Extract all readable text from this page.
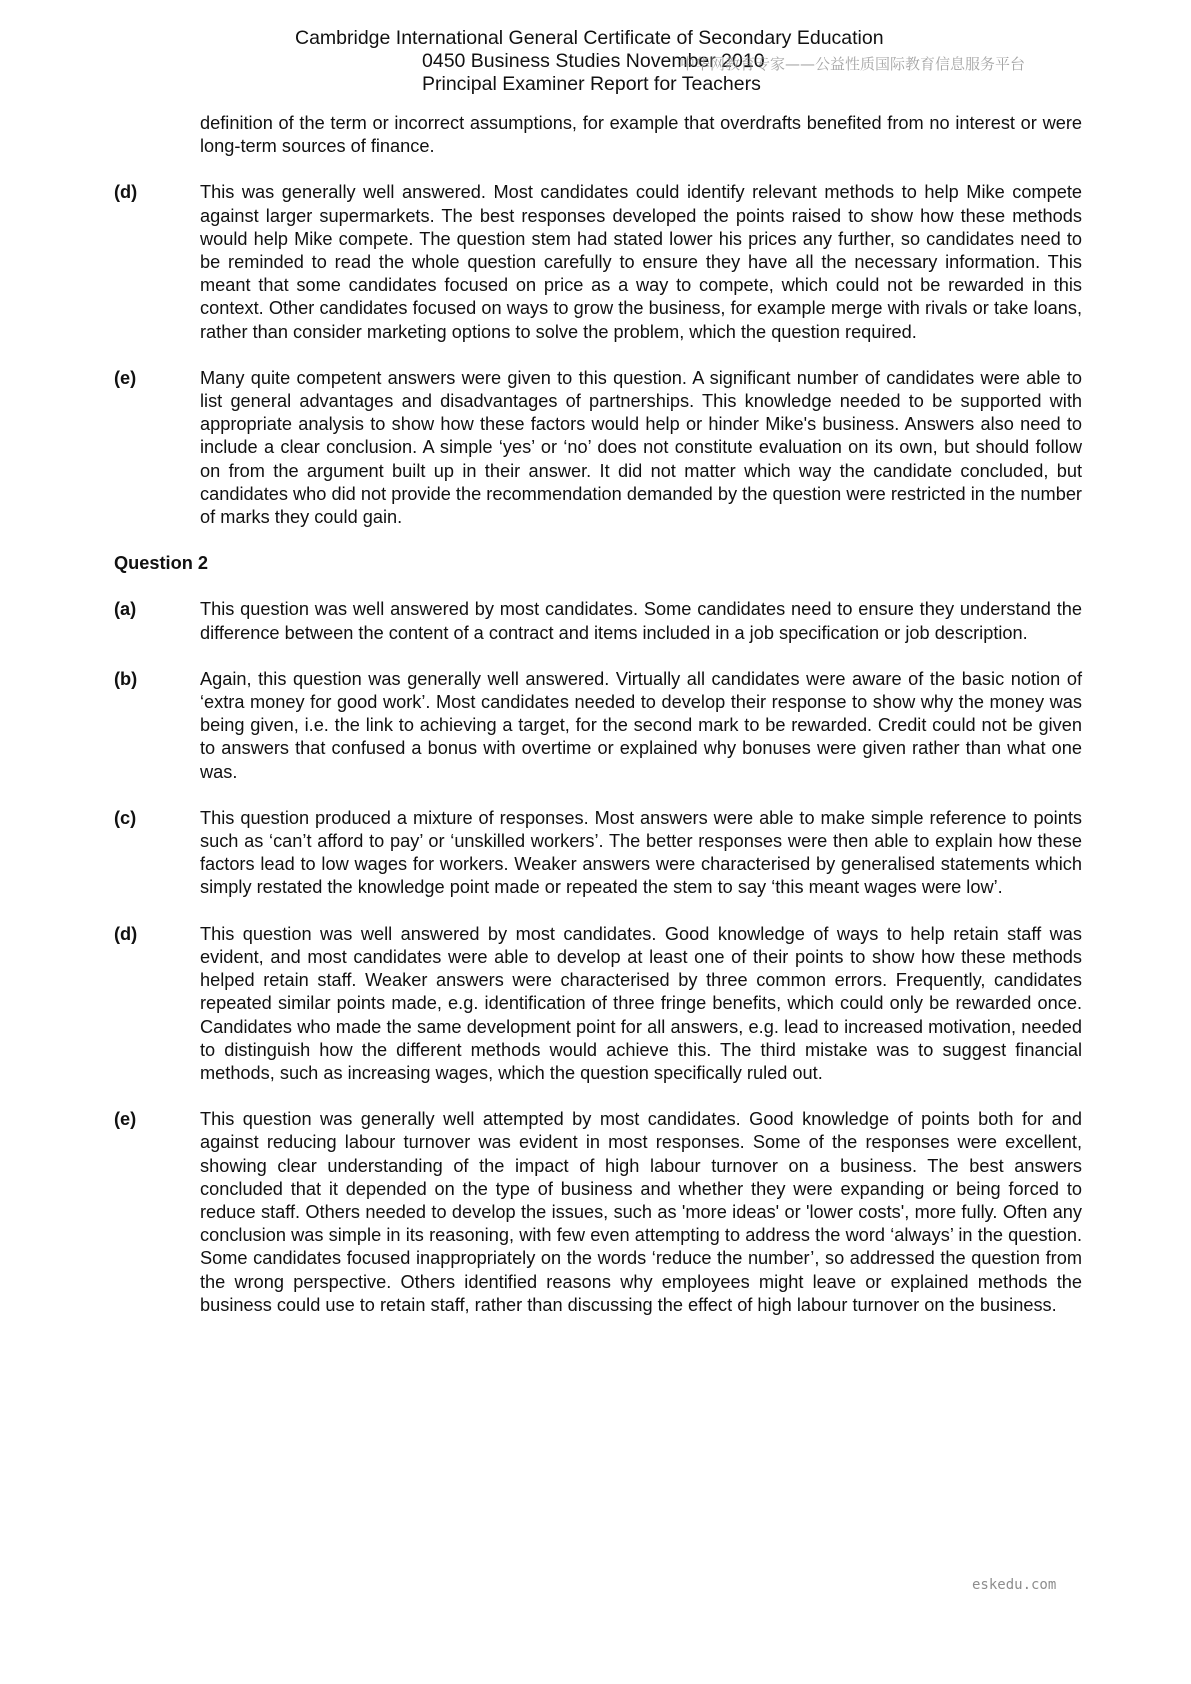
Cambridge International General Certificate of Secondary Education
0450 Business Studies November 2010
Principal Examiner Report for Teachers
中华网教育专家——公益性质国际教育信息服务平台

definition of the term or incorrect assumptions, for example that overdrafts benefited from no interest or were long-term sources of finance.

(d)	This was generally well answered. Most candidates could identify relevant methods to help Mike compete against larger supermarkets. The best responses developed the points raised to show how these methods would help Mike compete. The question stem had stated lower his prices any further, so candidates need to be reminded to read the whole question carefully to ensure they have all the necessary information. This meant that some candidates focused on price as a way to compete, which could not be rewarded in this context. Other candidates focused on ways to grow the business, for example merge with rivals or take loans, rather than consider marketing options to solve the problem, which the question required.
(e)	Many quite competent answers were given to this question. A significant number of candidates were able to list general advantages and disadvantages of partnerships. This knowledge needed to be supported with appropriate analysis to show how these factors would help or hinder Mike's business. Answers also need to include a clear conclusion. A simple ‘yes’ or ‘no’ does not constitute evaluation on its own, but should follow on from the argument built up in their answer. It did not matter which way the candidate concluded, but candidates who did not provide the recommendation demanded by the question were restricted in the number of marks they could gain.
Question 2
(a)	This question was well answered by most candidates. Some candidates need to ensure they understand the difference between the content of a contract and items included in a job specification or job description.
(b)	Again, this question was generally well answered. Virtually all candidates were aware of the basic notion of ‘extra money for good work’. Most candidates needed to develop their response to show why the money was being given, i.e. the link to achieving a target, for the second mark to be rewarded. Credit could not be given to answers that confused a bonus with overtime or explained why bonuses were given rather than what one was.
(c)	This question produced a mixture of responses. Most answers were able to make simple reference to points such as ‘can’t afford to pay’ or ‘unskilled workers’. The better responses were then able to explain how these factors lead to low wages for workers. Weaker answers were characterised by generalised statements which simply restated the knowledge point made or repeated the stem to say ‘this meant wages were low’.
(d)	This question was well answered by most candidates. Good knowledge of ways to help retain staff was evident, and most candidates were able to develop at least one of their points to show how these methods helped retain staff. Weaker answers were characterised by three common errors. Frequently, candidates repeated similar points made, e.g. identification of three fringe benefits, which could only be rewarded once. Candidates who made the same development point for all answers, e.g. lead to increased motivation, needed to distinguish how the different methods would achieve this. The third mistake was to suggest financial methods, such as increasing wages, which the question specifically ruled out.
(e)	This question was generally well attempted by most candidates. Good knowledge of points both for and against reducing labour turnover was evident in most responses. Some of the responses were excellent, showing clear understanding of the impact of high labour turnover on a business. The best answers concluded that it depended on the type of business and whether they were expanding or being forced to reduce staff. Others needed to develop the issues, such as 'more ideas' or 'lower costs', more fully. Often any conclusion was simple in its reasoning, with few even attempting to address the word ‘always’ in the question. Some candidates focused inappropriately on the words ‘reduce the number’, so addressed the question from the wrong perspective. Others identified reasons why employees might leave or explained methods the business could use to retain staff, rather than discussing the effect of high labour turnover on the business.
eskedu.com
